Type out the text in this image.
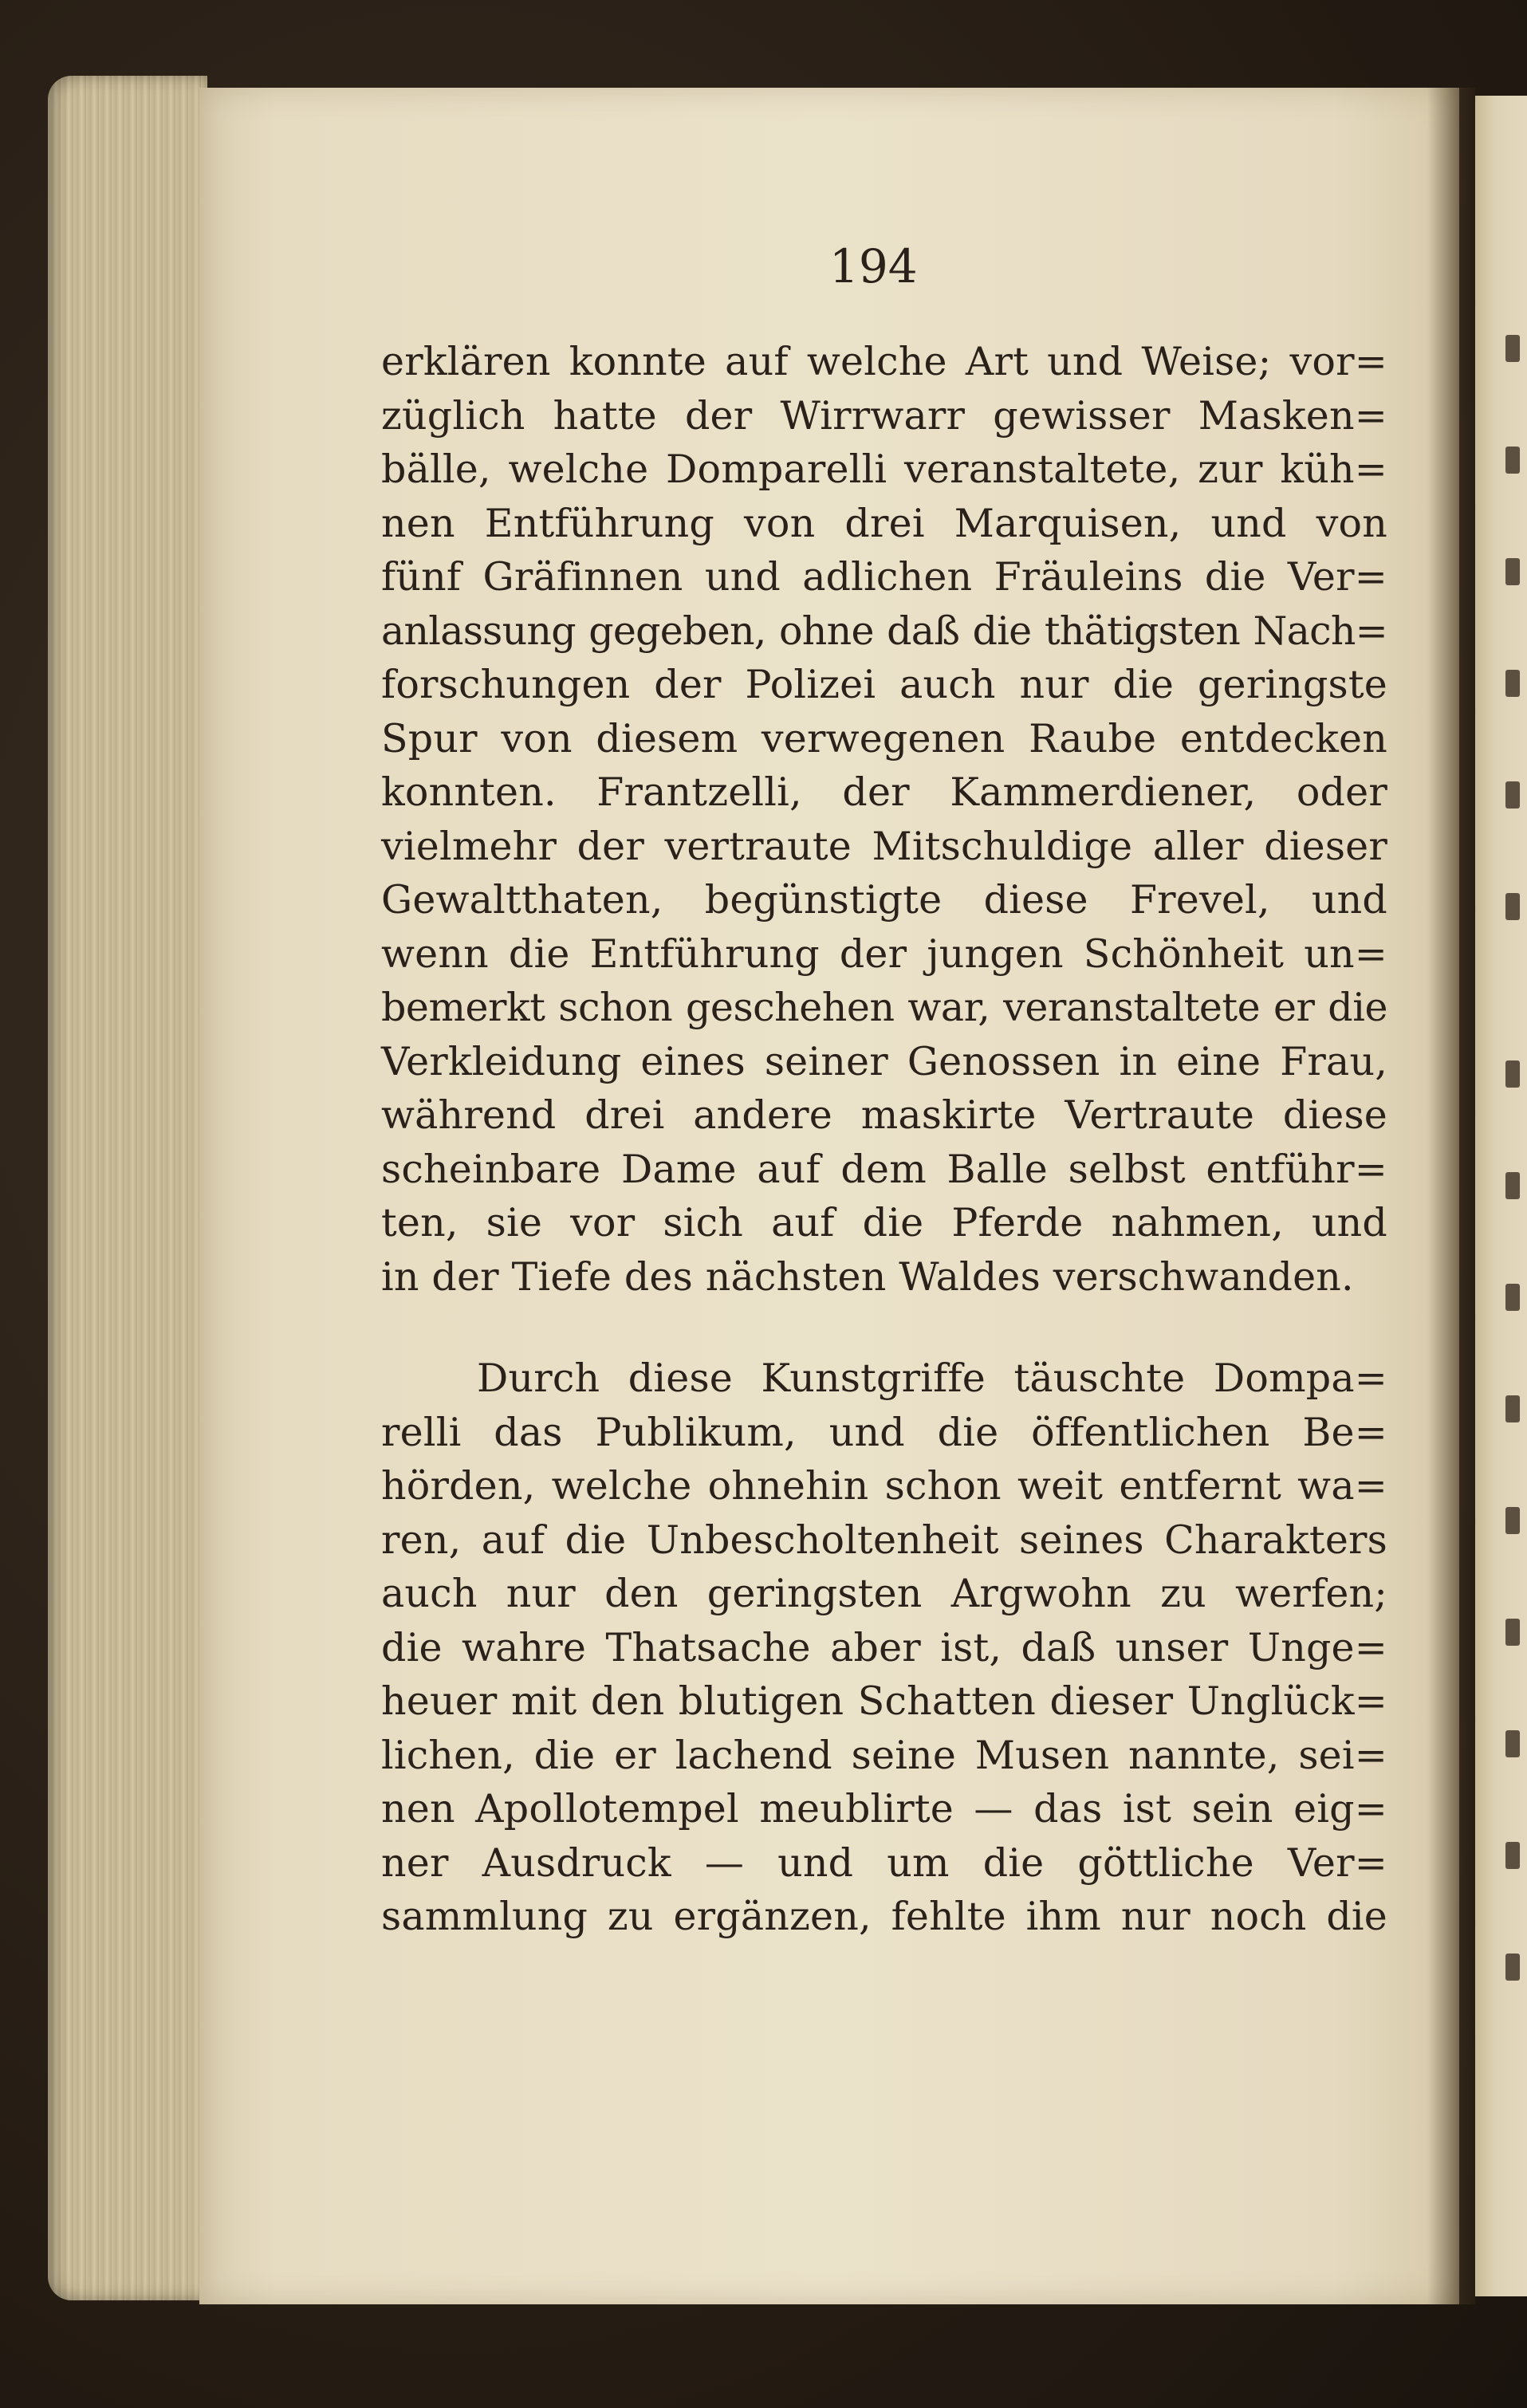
194
erklären konnte auf welche Art und Weise; vor=
züglich hatte der Wirrwarr gewisser Masken=
bälle, welche Domparelli veranstaltete, zur küh=
nen Entführung von drei Marquisen, und von
fünf Gräfinnen und adlichen Fräuleins die Ver=
anlassung gegeben, ohne daß die thätigsten Nach=
forschungen der Polizei auch nur die geringste
Spur von diesem verwegenen Raube entdecken
konnten. Frantzelli, der Kammerdiener, oder
vielmehr der vertraute Mitschuldige aller dieser
Gewaltthaten, begünstigte diese Frevel, und
wenn die Entführung der jungen Schönheit un=
bemerkt schon geschehen war, veranstaltete er die
Verkleidung eines seiner Genossen in eine Frau,
während drei andere maskirte Vertraute diese
scheinbare Dame auf dem Balle selbst entführ=
ten, sie vor sich auf die Pferde nahmen, und
in der Tiefe des nächsten Waldes verschwanden.
Durch diese Kunstgriffe täuschte Dompa=
relli das Publikum, und die öffentlichen Be=
hörden, welche ohnehin schon weit entfernt wa=
ren, auf die Unbescholtenheit seines Charakters
auch nur den geringsten Argwohn zu werfen;
die wahre Thatsache aber ist, daß unser Unge=
heuer mit den blutigen Schatten dieser Unglück=
lichen, die er lachend seine Musen nannte, sei=
nen Apollotempel meublirte — das ist sein eig=
ner Ausdruck — und um die göttliche Ver=
sammlung zu ergänzen, fehlte ihm nur noch die
